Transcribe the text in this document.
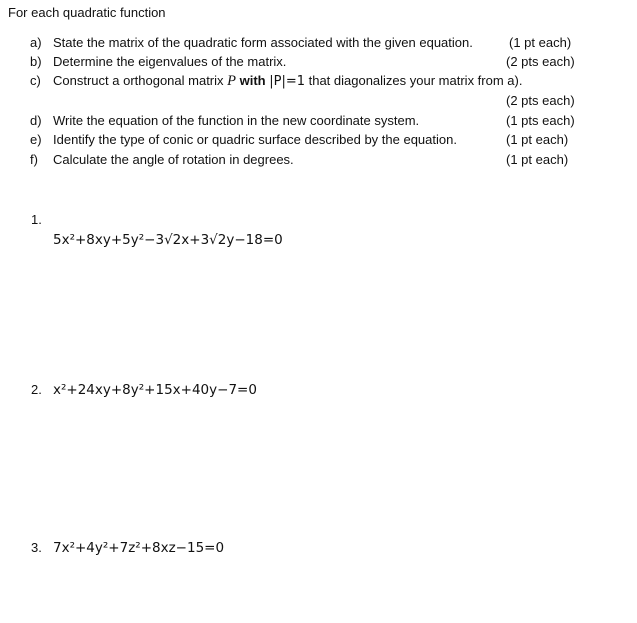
For each quadratic function
a) State the matrix of the quadratic form associated with the given equation.	(1 pt each)
b) Determine the eigenvalues of the matrix.	(2 pts each)
c) Construct a orthogonal matrix P with |P|=1 that diagonalizes your matrix from a).
(2 pts each)
d) Write the equation of the function in the new coordinate system.	(1 pts each)
e) Identify the type of conic or quadric surface described by the equation.	(1 pt each)
f) Calculate the angle of rotation in degrees.	(1 pt each)
1.
5x²+8xy+5y²−3√2x+3√2y−18=0
2. x²+24xy+8y²+15x+40y−7=0
3. 7x²+4y²+7z²+8xz−15=0
